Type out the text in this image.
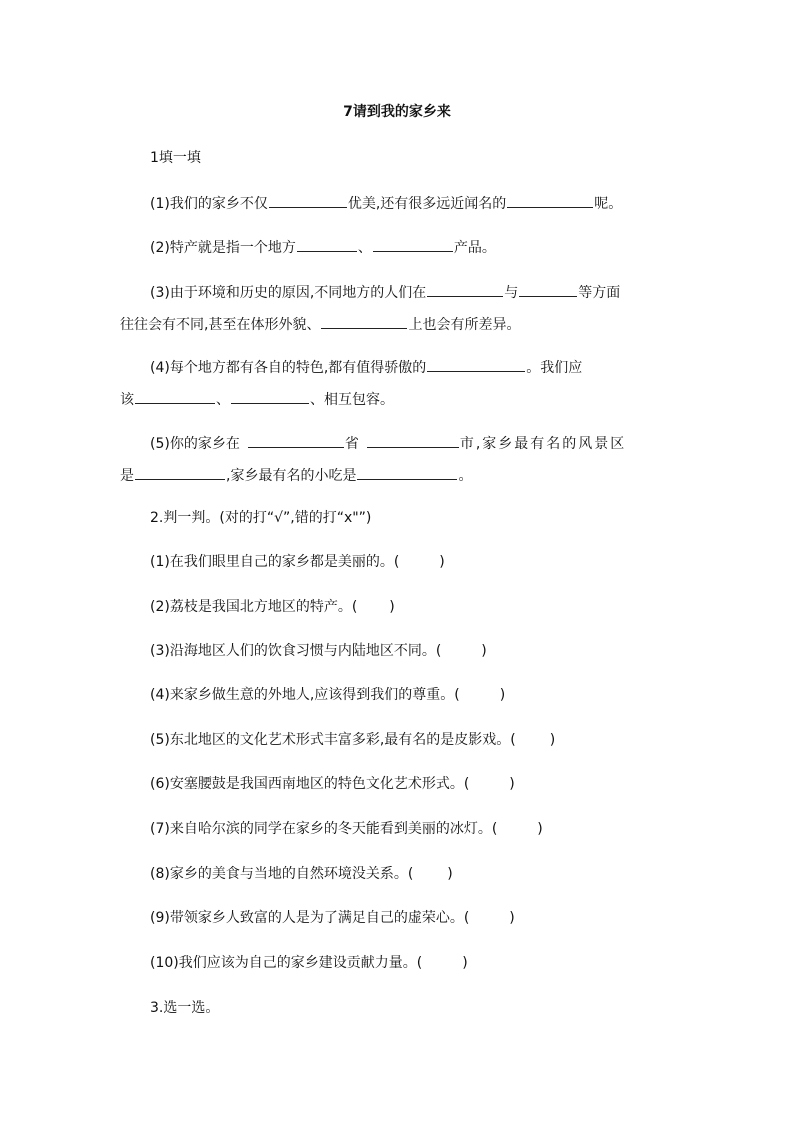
7请到我的家乡来
1填一填
(1)我们的家乡不仅	优美,还有很多远近闻名的	呢。
(2)特产就是指一个地方	、	产品。
(3)由于环境和历史的原因,不同地方的人们在	与	等方面
往往会有不同,甚至在体形外貌、	上也会有所差异。
(4)每个地方都有各自的特色,都有值得骄傲的	。我们应
该	、	、相互包容。
(5)你的家乡在	省	市,家乡最有名的风景区
是	,家乡最有名的小吃是	。
2.判一判。(对的打“√”,错的打“x"”)
(1)在我们眼里自己的家乡都是美丽的。(	)
(2)荔枝是我国北方地区的特产。( )
(3)沿海地区人们的饮食习惯与内陆地区不同。(	)
(4)来家乡做生意的外地人,应该得到我们的尊重。(	)
(5)东北地区的文化艺术形式丰富多彩,最有名的是皮影戏。( )
(6)安塞腰鼓是我国西南地区的特色文化艺术形式。(	)
(7)来自哈尔滨的同学在家乡的冬天能看到美丽的冰灯。(	)
(8)家乡的美食与当地的自然环境没关系。( )
(9)带领家乡人致富的人是为了满足自己的虚荣心。(	)
(10)我们应该为自己的家乡建设贡献力量。(	)
3.选一选。
